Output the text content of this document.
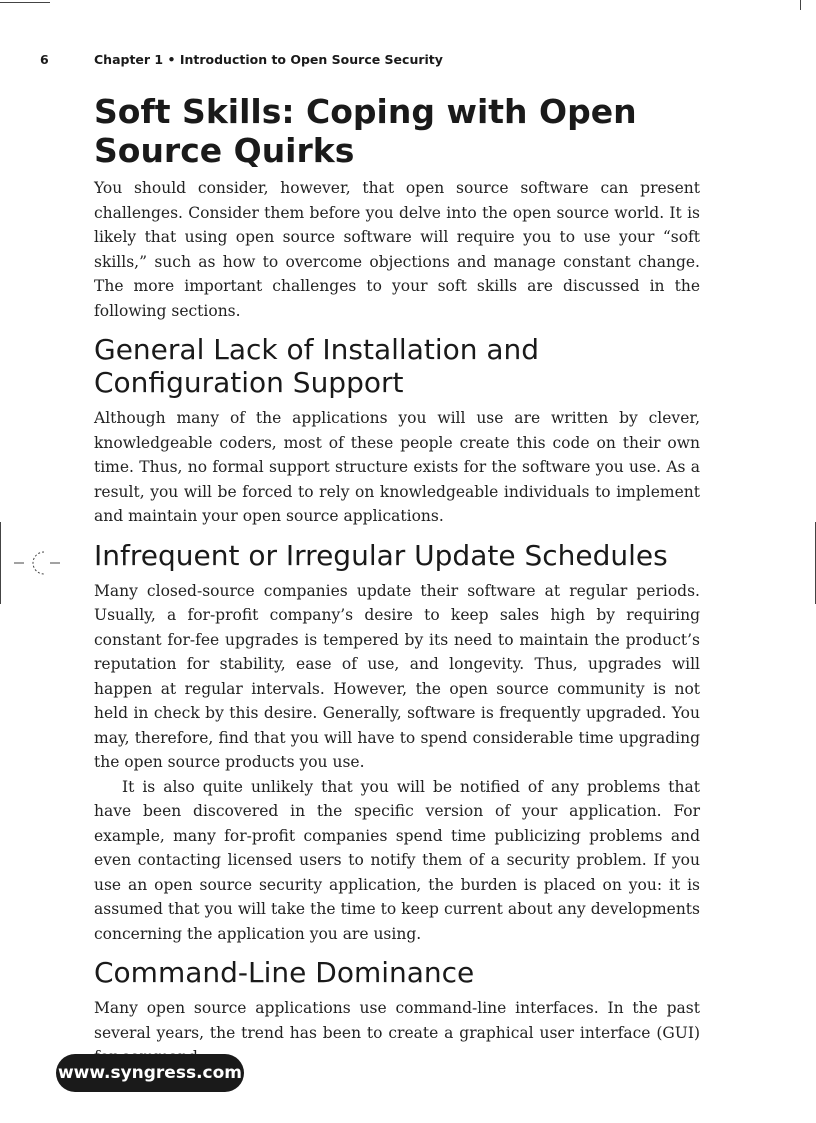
6	Chapter 1 • Introduction to Open Source Security
Soft Skills: Coping with Open Source Quirks

You should consider, however, that open source software can present challenges. Consider them before you delve into the open source world. It is likely that using open source software will require you to use your “soft skills,” such as how to overcome objections and manage constant change. The more important challenges to your soft skills are discussed in the following sections.

General Lack of Installation and Configuration Support

Although many of the applications you will use are written by clever, knowledgeable coders, most of these people create this code on their own time. Thus, no formal support structure exists for the software you use. As a result, you will be forced to rely on knowledgeable individuals to implement and maintain your open source applications.

Infrequent or Irregular Update Schedules

Many closed-source companies update their software at regular periods. Usually, a for-profit company’s desire to keep sales high by requiring constant for-fee upgrades is tempered by its need to maintain the product’s reputation for stability, ease of use, and longevity. Thus, upgrades will happen at regular intervals. However, the open source community is not held in check by this desire. Generally, software is frequently upgraded. You may, therefore, find that you will have to spend considerable time upgrading the open source products you use.

It is also quite unlikely that you will be notified of any problems that have been discovered in the specific version of your application. For example, many for-profit companies spend time publicizing problems and even contacting licensed users to notify them of a security problem. If you use an open source security application, the burden is placed on you: it is assumed that you will take the time to keep current about any developments concerning the application you are using.

Command-Line Dominance

Many open source applications use command-line interfaces. In the past several years, the trend has been to create a graphical user interface (GUI)

www.syngress.com
